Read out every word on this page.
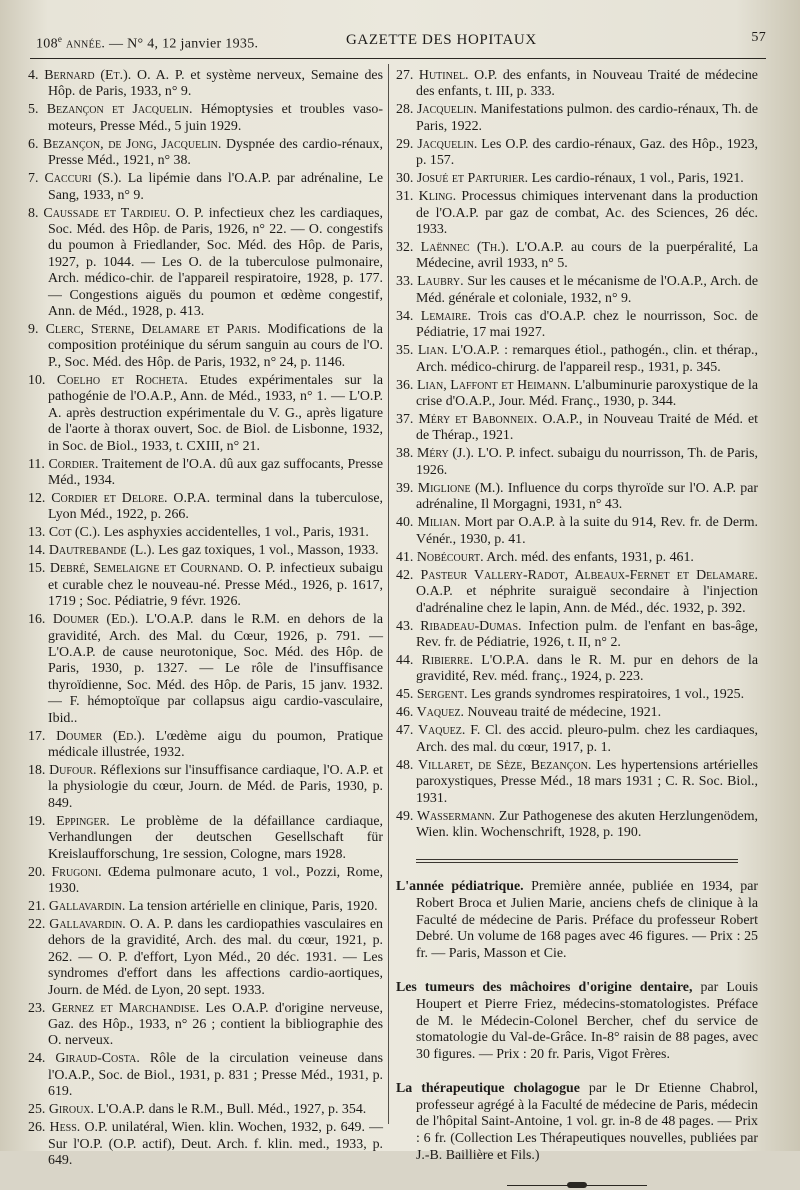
108e année. — N° 4, 12 janvier 1935.	GAZETTE DES HOPITAUX	57

4. Bernard (Et.). O. A. P. et système nerveux, Semaine des Hôp. de Paris, 1933, n° 9.

5. Bezançon et Jacquelin. Hémoptysies et troubles vaso-moteurs, Presse Méd., 5 juin 1929.

6. Bezançon, de Jong, Jacquelin. Dyspnée des cardio-rénaux, Presse Méd., 1921, n° 38.

7. Caccuri (S.). La lipémie dans l'O.A.P. par adrénaline, Le Sang, 1933, n° 9.

8. Caussade et Tardieu. O. P. infectieux chez les cardiaques, Soc. Méd. des Hôp. de Paris, 1926, n° 22. — O. congestifs du poumon à Friedlander, Soc. Méd. des Hôp. de Paris, 1927, p. 1044. — Les O. de la tuberculose pulmonaire, Arch. médico-chir. de l'appareil respiratoire, 1928, p. 177. — Congestions aiguës du poumon et œdème congestif, Ann. de Méd., 1928, p. 413.

9. Clerc, Sterne, Delamare et Paris. Modifications de la composition protéinique du sérum sanguin au cours de l'O. P., Soc. Méd. des Hôp. de Paris, 1932, n° 24, p. 1146.

10. Coelho et Rocheta. Etudes expérimentales sur la pathogénie de l'O.A.P., Ann. de Méd., 1933, n° 1. — L'O.P. A. après destruction expérimentale du V. G., après ligature de l'aorte à thorax ouvert, Soc. de Biol. de Lisbonne, 1932, in Soc. de Biol., 1933, t. CXIII, n° 21.

11. Cordier. Traitement de l'O.A. dû aux gaz suffocants, Presse Méd., 1934.

12. Cordier et Delore. O.P.A. terminal dans la tuberculose, Lyon Méd., 1922, p. 266.

13. Cot (C.). Les asphyxies accidentelles, 1 vol., Paris, 1931.

14. Dautrebande (L.). Les gaz toxiques, 1 vol., Masson, 1933.

15. Debré, Semelaigne et Cournand. O. P. infectieux subaigu et curable chez le nouveau-né. Presse Méd., 1926, p. 1617, 1719 ; Soc. Pédiatrie, 9 févr. 1926.

16. Doumer (Ed.). L'O.A.P. dans le R.M. en dehors de la gravidité, Arch. des Mal. du Cœur, 1926, p. 791. — L'O.A.P. de cause neurotonique, Soc. Méd. des Hôp. de Paris, 1930, p. 1327. — Le rôle de l'insuffisance thyroïdienne, Soc. Méd. des Hôp. de Paris, 15 janv. 1932. — F. hémoptoïque par collapsus aigu cardio-vasculaire, Ibid..

17. Doumer (Ed.). L'œdème aigu du poumon, Pratique médicale illustrée, 1932.

18. Dufour. Réflexions sur l'insuffisance cardiaque, l'O. A.P. et la physiologie du cœur, Journ. de Méd. de Paris, 1930, p. 849.

19. Eppinger. Le problème de la défaillance cardiaque, Verhandlungen der deutschen Gesellschaft für Kreislaufforschung, 1re session, Cologne, mars 1928.

20. Frugoni. Œdema pulmonare acuto, 1 vol., Pozzi, Rome, 1930.

21. Gallavardin. La tension artérielle en clinique, Paris, 1920.

22. Gallavardin. O. A. P. dans les cardiopathies vasculaires en dehors de la gravidité, Arch. des mal. du cœur, 1921, p. 262. — O. P. d'effort, Lyon Méd., 20 déc. 1931. — Les syndromes d'effort dans les affections cardio-aortiques, Journ. de Méd. de Lyon, 20 sept. 1933.

23. Gernez et Marchandise. Les O.A.P. d'origine nerveuse, Gaz. des Hôp., 1933, n° 26 ; contient la bibliographie des O. nerveux.

24. Giraud-Costa. Rôle de la circulation veineuse dans l'O.A.P., Soc. de Biol., 1931, p. 831 ; Presse Méd., 1931, p. 619.

25. Giroux. L'O.A.P. dans le R.M., Bull. Méd., 1927, p. 354.

26. Hess. O.P. unilatéral, Wien. klin. Wochen, 1932, p. 649. — Sur l'O.P. (O.P. actif), Deut. Arch. f. klin. med., 1933, p. 649.

27. Hutinel. O.P. des enfants, in Nouveau Traité de médecine des enfants, t. III, p. 333.

28. Jacquelin. Manifestations pulmon. des cardio-rénaux, Th. de Paris, 1922.

29. Jacquelin. Les O.P. des cardio-rénaux, Gaz. des Hôp., 1923, p. 157.

30. Josué et Parturier. Les cardio-rénaux, 1 vol., Paris, 1921.

31. Kling. Processus chimiques intervenant dans la production de l'O.A.P. par gaz de combat, Ac. des Sciences, 26 déc. 1933.

32. Laënnec (Th.). L'O.A.P. au cours de la puerpéralité, La Médecine, avril 1933, n° 5.

33. Laubry. Sur les causes et le mécanisme de l'O.A.P., Arch. de Méd. générale et coloniale, 1932, n° 9.

34. Lemaire. Trois cas d'O.A.P. chez le nourrisson, Soc. de Pédiatrie, 17 mai 1927.

35. Lian. L'O.A.P. : remarques étiol., pathogén., clin. et thérap., Arch. médico-chirurg. de l'appareil resp., 1931, p. 345.

36. Lian, Laffont et Heimann. L'albuminurie paroxystique de la crise d'O.A.P., Jour. Méd. Franç., 1930, p. 344.

37. Méry et Babonneix. O.A.P., in Nouveau Traité de Méd. et de Thérap., 1921.

38. Méry (J.). L'O. P. infect. subaigu du nourrisson, Th. de Paris, 1926.

39. Miglione (M.). Influence du corps thyroïde sur l'O. A.P. par adrénaline, Il Morgagni, 1931, n° 43.

40. Milian. Mort par O.A.P. à la suite du 914, Rev. fr. de Derm. Vénér., 1930, p. 41.

41. Nobécourt. Arch. méd. des enfants, 1931, p. 461.

42. Pasteur Vallery-Radot, Albeaux-Fernet et Delamare. O.A.P. et néphrite suraiguë secondaire à l'injection d'adrénaline chez le lapin, Ann. de Méd., déc. 1932, p. 392.

43. Ribadeau-Dumas. Infection pulm. de l'enfant en bas-âge, Rev. fr. de Pédiatrie, 1926, t. II, n° 2.

44. Ribierre. L'O.P.A. dans le R. M. pur en dehors de la gravidité, Rev. méd. franç., 1924, p. 223.

45. Sergent. Les grands syndromes respiratoires, 1 vol., 1925.

46. Vaquez. Nouveau traité de médecine, 1921.

47. Vaquez. F. Cl. des accid. pleuro-pulm. chez les cardiaques, Arch. des mal. du cœur, 1917, p. 1.

48. Villaret, de Sèze, Bezançon. Les hypertensions artérielles paroxystiques, Presse Méd., 18 mars 1931 ; C. R. Soc. Biol., 1931.

49. Wassermann. Zur Pathogenese des akuten Herzlungenödem, Wien. klin. Wochenschrift, 1928, p. 190.

L'année pédiatrique. Première année, publiée en 1934, par Robert Broca et Julien Marie, anciens chefs de clinique à la Faculté de médecine de Paris. Préface du professeur Robert Debré. Un volume de 168 pages avec 46 figures. — Prix : 25 fr. — Paris, Masson et Cie.

Les tumeurs des mâchoires d'origine dentaire, par Louis Houpert et Pierre Friez, médecins-stomatologistes. Préface de M. le Médecin-Colonel Bercher, chef du service de stomatologie du Val-de-Grâce. In-8° raisin de 88 pages, avec 30 figures. — Prix : 20 fr. Paris, Vigot Frères.

La thérapeutique cholagogue par le Dr Etienne Chabrol, professeur agrégé à la Faculté de médecine de Paris, médecin de l'hôpital Saint-Antoine, 1 vol. gr. in-8 de 48 pages. — Prix : 6 fr. (Collection Les Thérapeutiques nouvelles, publiées par J.-B. Baillière et Fils.)
